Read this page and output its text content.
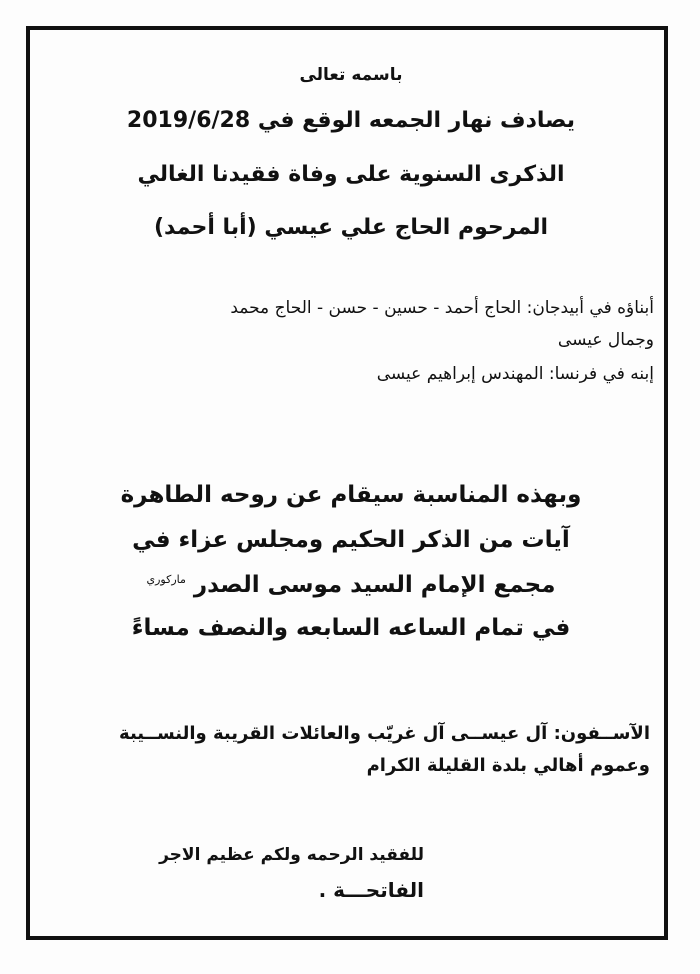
باسمه تعالى

يصادف نهار الجمعه الوقع في 2019/6/28

الذكرى السنوية على وفاة فقيدنا الغالي

المرحوم الحاج علي عيسي (أبا أحمد)

أبناؤه في أبيدجان: الحاج أحمد - حسين - حسن - الحاج محمد

وجمال عيسى

إبنه في فرنسا: المهندس إبراهيم عيسى

وبهذه المناسبة سيقام عن روحه الطاهرة

آيات من الذكر الحكيم ومجلس عزاء في

مجمع الإمام السيد موسى الصدر$^{ماركوري}$

في تمام الساعه السابعه والنصف مساءً

الآســفون: آل عيســى آل غريّب والعائلات القريبة والنســيبة

وعموم أهالي بلدة القليلة الكرام

للفقيد الرحمه ولكم عظيم الاجر

الفاتحـــة .
